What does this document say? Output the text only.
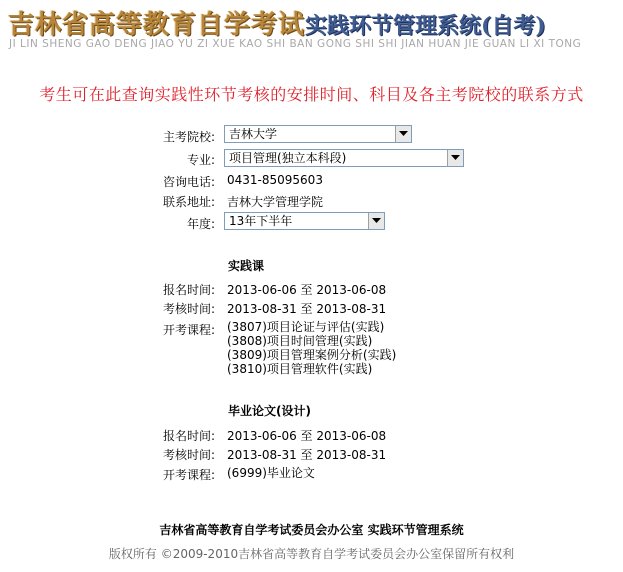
吉林省高等教育自学考试实践环节管理系统(自考)
JI LIN SHENG GAO DENG JIAO YU ZI XUE KAO SHI BAN GONG SHI SHI JIAN HUAN JIE GUAN LI XI TONG
考生可在此查询实践性环节考核的安排时间、科目及各主考院校的联系方式
主考院校: 吉林大学
专业: 项目管理(独立本科段)
咨询电话: 0431-85095603
联系地址: 吉林大学管理学院
年度: 13年下半年
实践课
报名时间: 2013-06-06 至 2013-06-08
考核时间: 2013-08-31 至 2013-08-31
开考课程: (3807)项目论证与评估(实践)
(3808)项目时间管理(实践)
(3809)项目管理案例分析(实践)
(3810)项目管理软件(实践)
毕业论文(设计)
报名时间: 2013-06-06 至 2013-06-08
考核时间: 2013-08-31 至 2013-08-31
开考课程: (6999)毕业论文
吉林省高等教育自学考试委员会办公室 实践环节管理系统
版权所有 ©2009-2010吉林省高等教育自学考试委员会办公室保留所有权利
